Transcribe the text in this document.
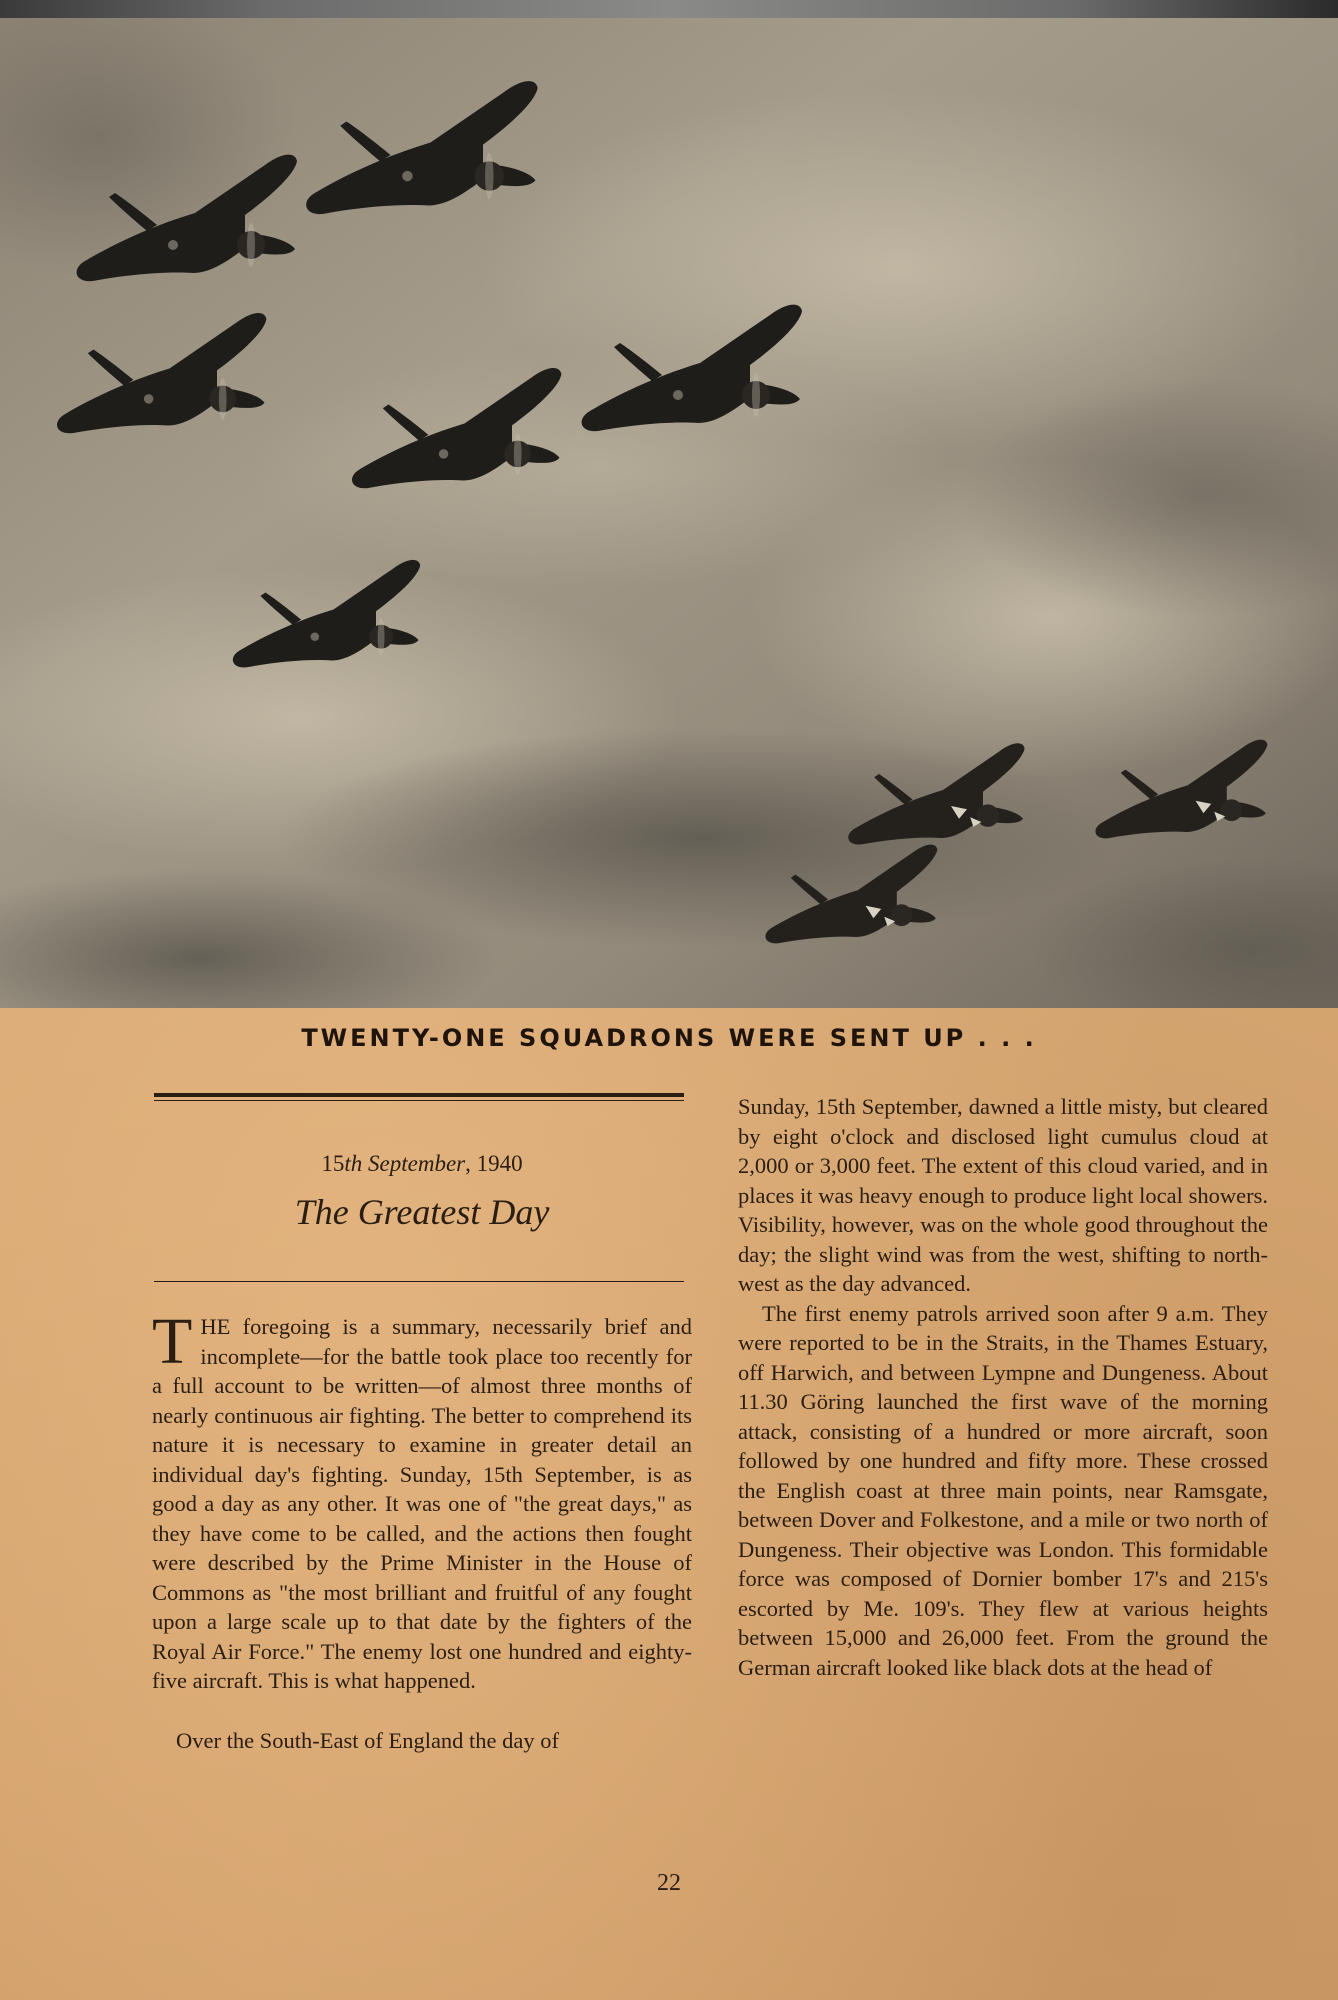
TWENTY-ONE SQUADRONS WERE SENT UP . . .
15th September, 1940
The Greatest Day

THE foregoing is a summary, necessarily brief and incomplete—for the battle took place too recently for a full account to be written—of almost three months of nearly continuous air fighting. The better to comprehend its nature it is necessary to examine in greater detail an individual day's fighting. Sunday, 15th September, is as good a day as any other. It was one of "the great days," as they have come to be called, and the actions then fought were described by the Prime Minister in the House of Commons as "the most brilliant and fruitful of any fought upon a large scale up to that date by the fighters of the Royal Air Force." The enemy lost one hundred and eighty-five aircraft. This is what happened.

Over the South-East of England the day of

Sunday, 15th September, dawned a little misty, but cleared by eight o'clock and disclosed light cumulus cloud at 2,000 or 3,000 feet. The extent of this cloud varied, and in places it was heavy enough to produce light local showers. Visibility, however, was on the whole good throughout the day; the slight wind was from the west, shifting to north-west as the day advanced.

The first enemy patrols arrived soon after 9 a.m. They were reported to be in the Straits, in the Thames Estuary, off Harwich, and between Lympne and Dungeness. About 11.30 Göring launched the first wave of the morning attack, consisting of a hundred or more aircraft, soon followed by one hundred and fifty more. These crossed the English coast at three main points, near Ramsgate, between Dover and Folkestone, and a mile or two north of Dungeness. Their objective was London. This formidable force was composed of Dornier bomber 17's and 215's escorted by Me. 109's. They flew at various heights between 15,000 and 26,000 feet. From the ground the German aircraft looked like black dots at the head of

22
